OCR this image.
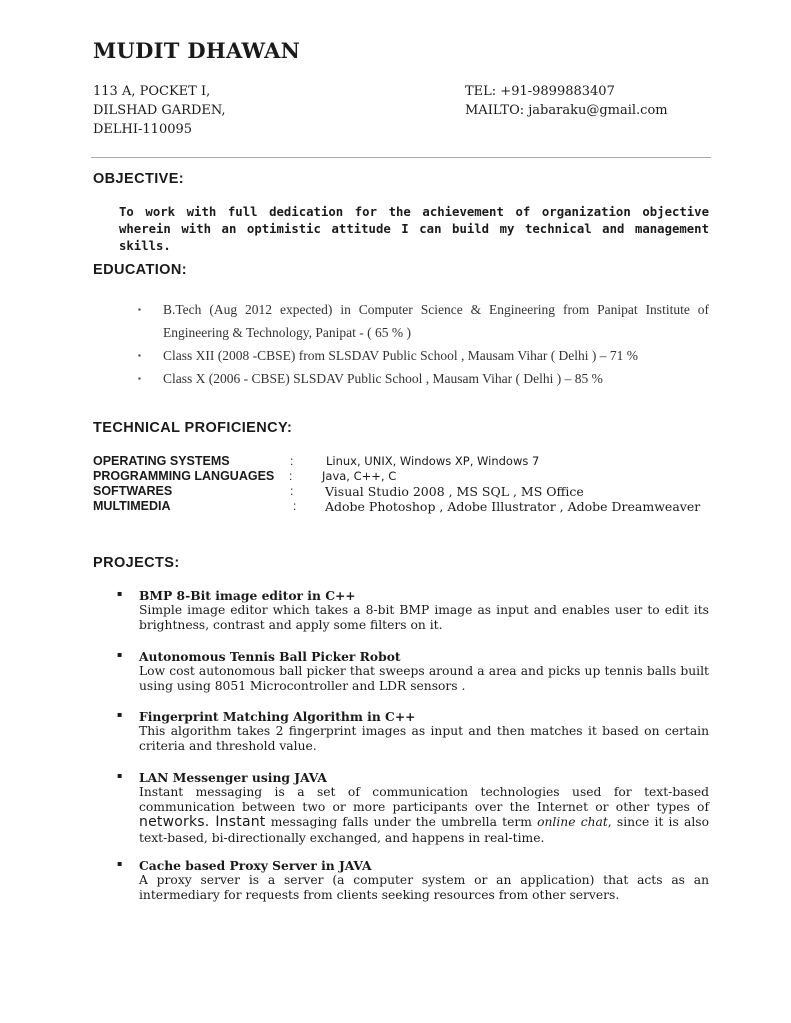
MUDIT DHAWAN
113 A, POCKET I,
DILSHAD GARDEN,
DELHI-110095
TEL: +91-9899883407
MAILTO: jabaraku@gmail.com
OBJECTIVE:

To work with full dedication for the achievement of organization objective wherein with an optimistic attitude I can build my technical and management skills.

EDUCATION:
▪ B.Tech (Aug 2012 expected) in Computer Science & Engineering from Panipat Institute of Engineering & Technology, Panipat - ( 65 % )
▪ Class XII (2008 -CBSE) from SLSDAV Public School , Mausam Vihar ( Delhi ) – 71 %
▪ Class X (2006 - CBSE) SLSDAV Public School , Mausam Vihar ( Delhi ) – 85 %
TECHNICAL PROFICIENCY:
OPERATING SYSTEMS	:	Linux, UNIX, Windows XP, Windows 7
PROGRAMMING LANGUAGES :	Java, C++, C
SOFTWARES	:	Visual Studio 2008 , MS SQL , MS Office
MULTIMEDIA	: Adobe Photoshop , Adobe Illustrator , Adobe Dreamweaver
PROJECTS:
▪ BMP 8-Bit image editor in C++
Simple image editor which takes a 8-bit BMP image as input and enables user to edit its brightness, contrast and apply some filters on it.
▪ Autonomous Tennis Ball Picker Robot
Low cost autonomous ball picker that sweeps around a area and picks up tennis balls built using using 8051 Microcontroller and LDR sensors .
▪ Fingerprint Matching Algorithm in C++
This algorithm takes 2 fingerprint images as input and then matches it based on certain criteria and threshold value.
▪ LAN Messenger using JAVA
Instant messaging is a set of communication technologies used for text-based communication between two or more participants over the Internet or other types of networks. Instant messaging falls under the umbrella term online chat, since it is also text-based, bi-directionally exchanged, and happens in real-time.
▪ Cache based Proxy Server in JAVA
A proxy server is a server (a computer system or an application) that acts as an intermediary for requests from clients seeking resources from other servers.
